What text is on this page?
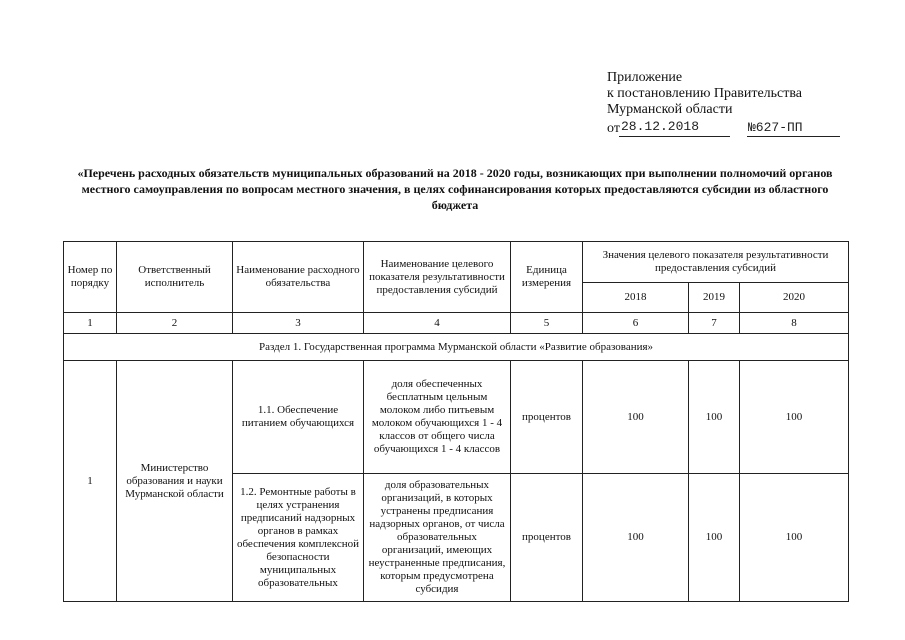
Приложение
к постановлению Правительства
Мурманской области
от 28.12.2018	№627-ПП
«Перечень расходных обязательств муниципальных образований на 2018 - 2020 годы, возникающих при выполнении полномочий органов местного самоуправления по вопросам местного значения, в целях софинансирования которых предоставляются субсидии из областного бюджета
Номер по порядку	Ответственный исполнитель	Наименование расходного обязательства	Наименование целевого показателя результативности предоставления субсидий	Единица измерения	Значения целевого показателя результативности предоставления субсидий		
					2018	2019	2020
1	2	3	4	5	6	7	8
Раздел 1. Государственная программа Мурманской области «Развитие образования»							
1	Министерство образования и науки Мурманской области	1.1. Обеспечение питанием обучающихся	доля обеспеченных бесплатным цельным молоком либо питьевым молоком обучающихся 1 - 4 классов от общего числа обучающихся 1 - 4 классов	процентов	100	100	100
		1.2. Ремонтные работы в целях устранения предписаний надзорных органов в рамках обеспечения комплексной безопасности муниципальных образовательных	доля образовательных организаций, в которых устранены предписания надзорных органов, от числа образовательных организаций, имеющих неустраненные предписания, которым предусмотрена субсидия	процентов	100	100	100
